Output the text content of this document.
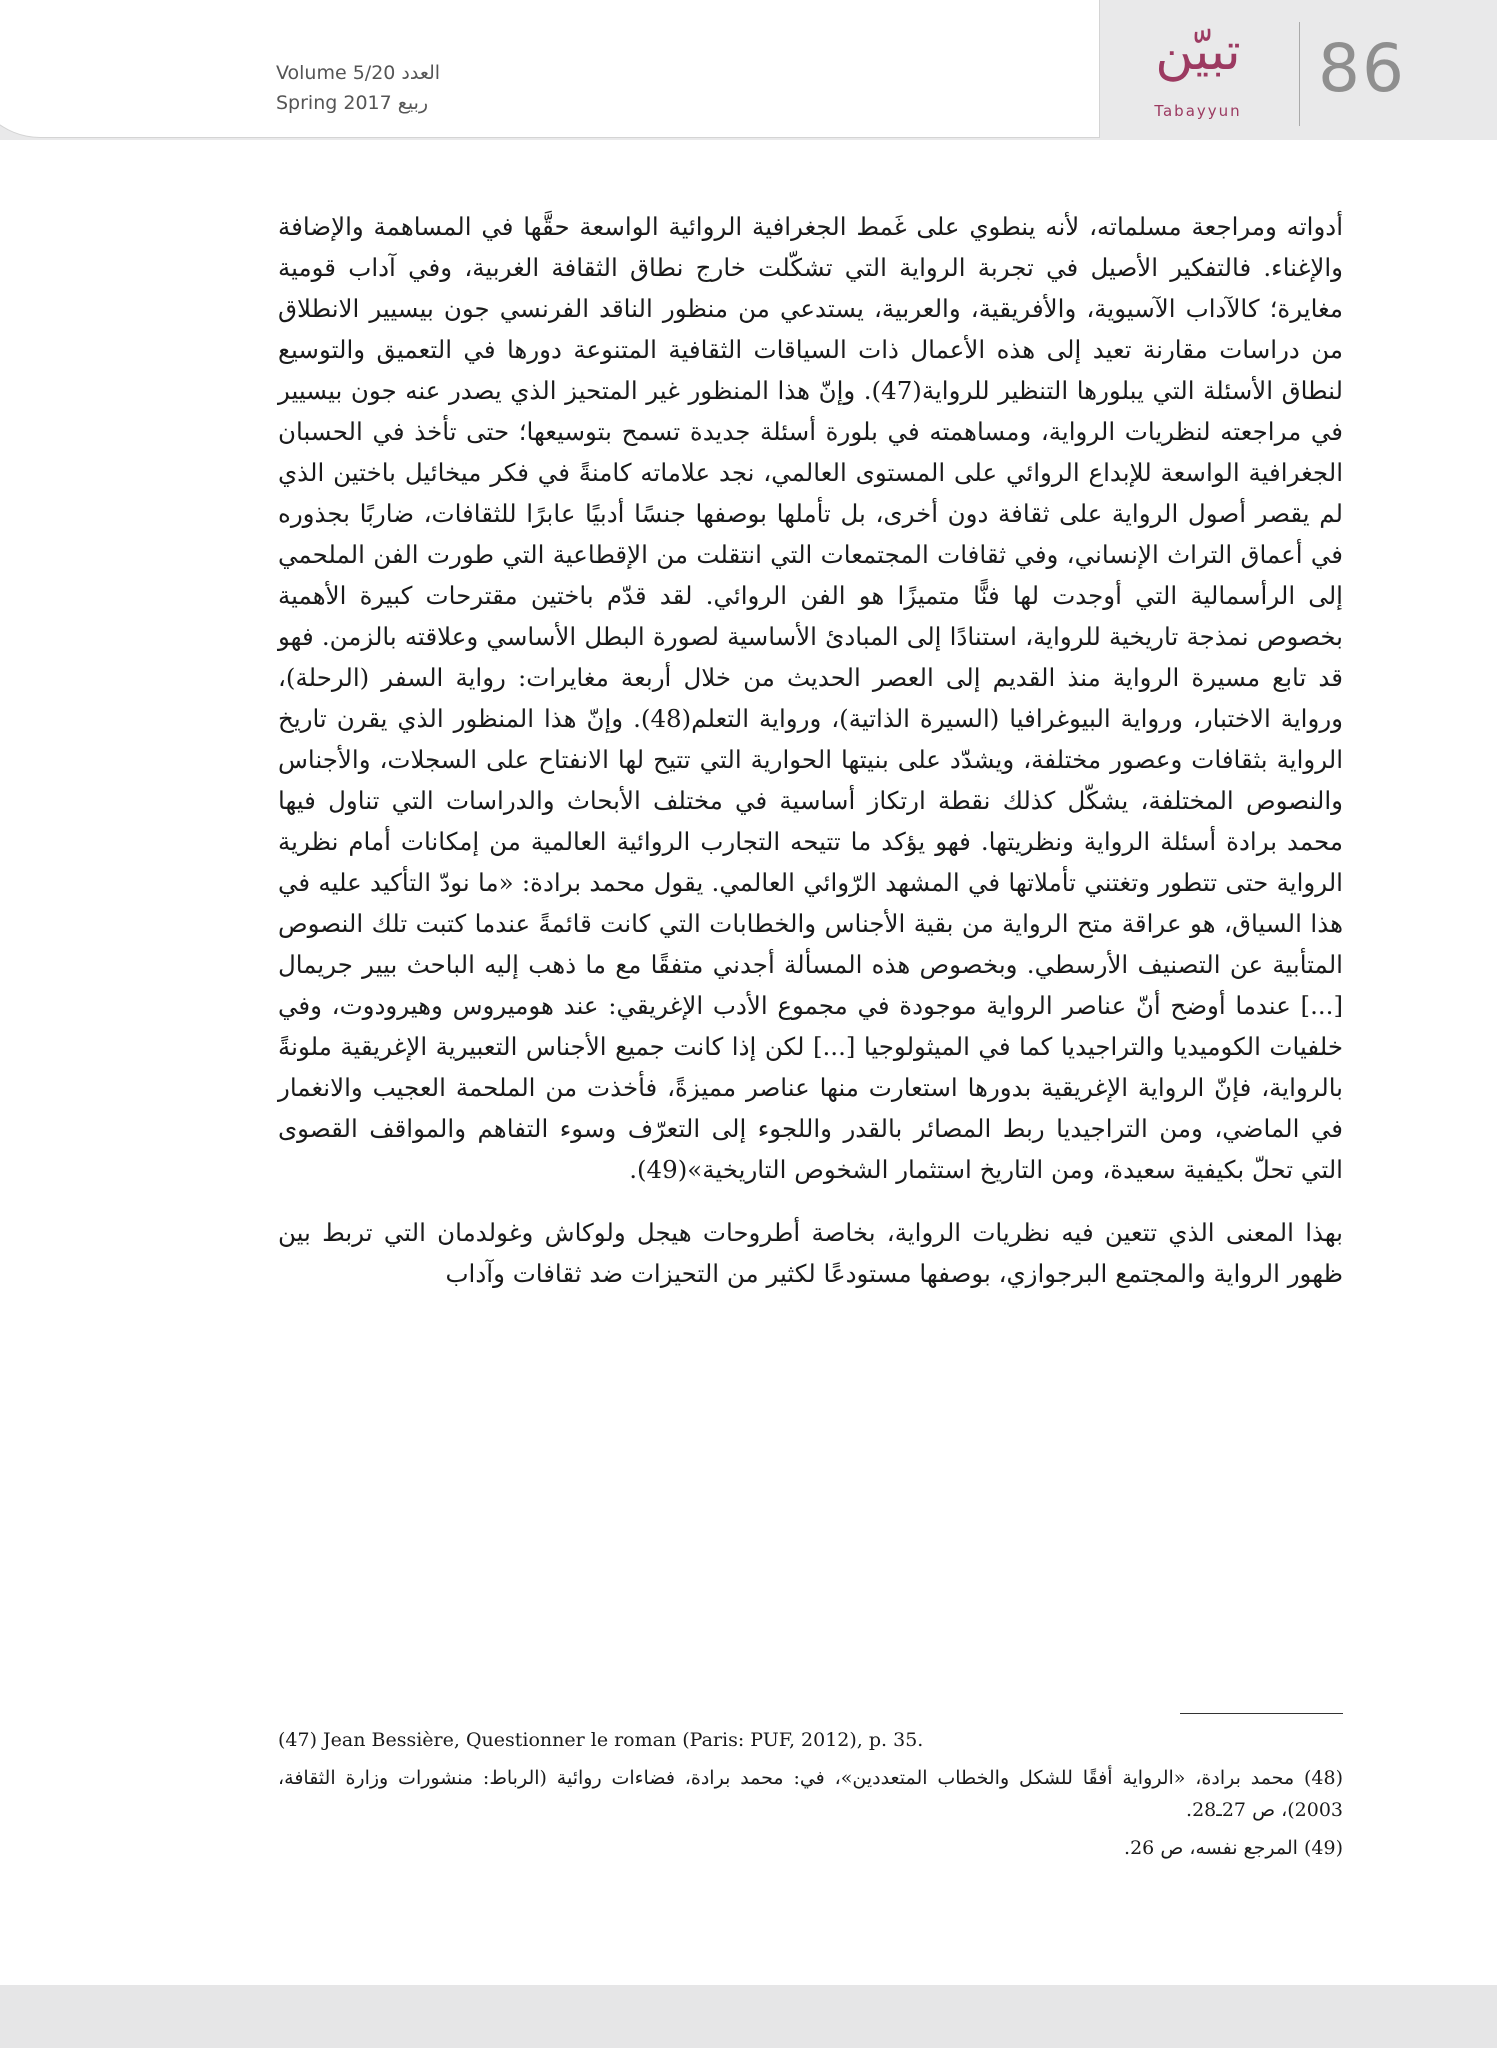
Volume 5/20 العدد
Spring 2017 ربيع
تبيّن
Tabayyun
86

أدواته ومراجعة مسلماته، لأنه ينطوي على غَمط الجغرافية الروائية الواسعة حقَّها في المساهمة والإضافة والإغناء. فالتفكير الأصيل في تجربة الرواية التي تشكّلت خارج نطاق الثقافة الغربية، وفي آداب قومية مغايرة؛ كالآداب الآسيوية، والأفريقية، والعربية، يستدعي من منظور الناقد الفرنسي جون بيسيير الانطلاق من دراسات مقارنة تعيد إلى هذه الأعمال ذات السياقات الثقافية المتنوعة دورها في التعميق والتوسيع لنطاق الأسئلة التي يبلورها التنظير للرواية(47). وإنّ هذا المنظور غير المتحيز الذي يصدر عنه جون بيسيير في مراجعته لنظريات الرواية، ومساهمته في بلورة أسئلة جديدة تسمح بتوسيعها؛ حتى تأخذ في الحسبان الجغرافية الواسعة للإبداع الروائي على المستوى العالمي، نجد علاماته كامنةً في فكر ميخائيل باختين الذي لم يقصر أصول الرواية على ثقافة دون أخرى، بل تأملها بوصفها جنسًا أدبيًا عابرًا للثقافات، ضاربًا بجذوره في أعماق التراث الإنساني، وفي ثقافات المجتمعات التي انتقلت من الإقطاعية التي طورت الفن الملحمي إلى الرأسمالية التي أوجدت لها فنًّا متميزًا هو الفن الروائي. لقد قدّم باختين مقترحات كبيرة الأهمية بخصوص نمذجة تاريخية للرواية، استنادًا إلى المبادئ الأساسية لصورة البطل الأساسي وعلاقته بالزمن. فهو قد تابع مسيرة الرواية منذ القديم إلى العصر الحديث من خلال أربعة مغايرات: رواية السفر (الرحلة)، ورواية الاختبار، ورواية البيوغرافيا (السيرة الذاتية)، ورواية التعلم(48). وإنّ هذا المنظور الذي يقرن تاريخ الرواية بثقافات وعصور مختلفة، ويشدّد على بنيتها الحوارية التي تتيح لها الانفتاح على السجلات، والأجناس والنصوص المختلفة، يشكّل كذلك نقطة ارتكاز أساسية في مختلف الأبحاث والدراسات التي تناول فيها محمد برادة أسئلة الرواية ونظريتها. فهو يؤكد ما تتيحه التجارب الروائية العالمية من إمكانات أمام نظرية الرواية حتى تتطور وتغتني تأملاتها في المشهد الرّوائي العالمي. يقول محمد برادة: «ما نودّ التأكيد عليه في هذا السياق، هو عراقة متح الرواية من بقية الأجناس والخطابات التي كانت قائمةً عندما كتبت تلك النصوص المتأبية عن التصنيف الأرسطي. وبخصوص هذه المسألة أجدني متفقًا مع ما ذهب إليه الباحث بيير جريمال [...] عندما أوضح أنّ عناصر الرواية موجودة في مجموع الأدب الإغريقي: عند هوميروس وهيرودوت، وفي خلفيات الكوميديا والتراجيديا كما في الميثولوجيا [...] لكن إذا كانت جميع الأجناس التعبيرية الإغريقية ملونةً بالرواية، فإنّ الرواية الإغريقية بدورها استعارت منها عناصر مميزةً، فأخذت من الملحمة العجيب والانغمار في الماضي، ومن التراجيديا ربط المصائر بالقدر واللجوء إلى التعرّف وسوء التفاهم والمواقف القصوى التي تحلّ بكيفية سعيدة، ومن التاريخ استثمار الشخوص التاريخية»(49).

بهذا المعنى الذي تتعين فيه نظريات الرواية، بخاصة أطروحات هيجل ولوكاش وغولدمان التي تربط بين ظهور الرواية والمجتمع البرجوازي، بوصفها مستودعًا لكثير من التحيزات ضد ثقافات وآداب

(47) Jean Bessière, Questionner le roman (Paris: PUF, 2012), p. 35.
(48) محمد برادة، «الرواية أفقًا للشكل والخطاب المتعددين»، في: محمد برادة، فضاءات روائية (الرباط: منشورات وزارة الثقافة، 2003)، ص 27ـ28.
(49) المرجع نفسه، ص 26.
